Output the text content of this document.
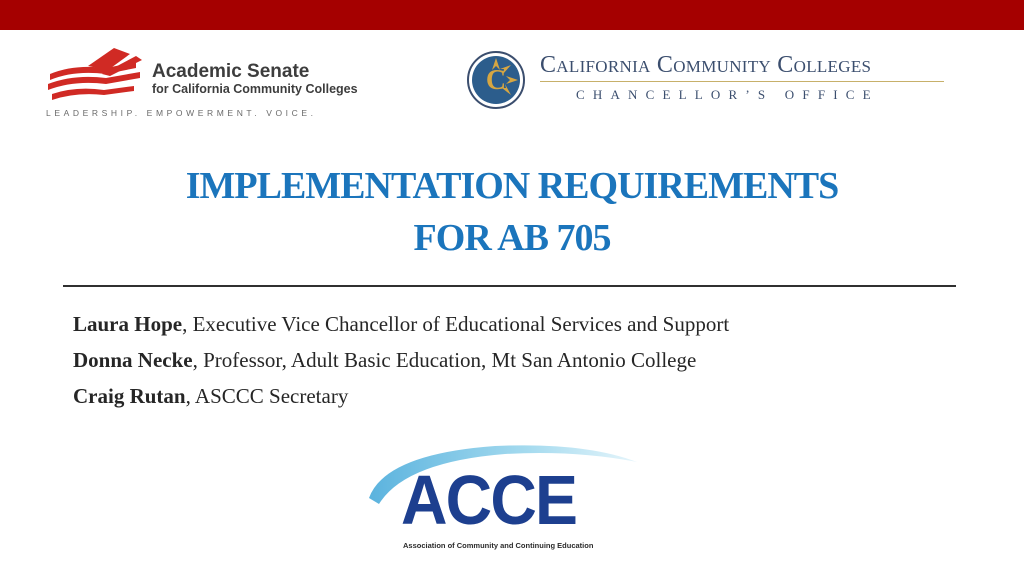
Academic Senate
for California Community Colleges
LEADERSHIP. EMPOWERMENT. VOICE.
C California Community Colleges
CHANCELLOR’S OFFICE
IMPLEMENTATION REQUIREMENTS
FOR AB 705
Laura Hope, Executive Vice Chancellor of Educational Services and Support
Donna Necke, Professor, Adult Basic Education, Mt San Antonio College
Craig Rutan, ASCCC Secretary
ACCE
Association of Community and Continuing Education
